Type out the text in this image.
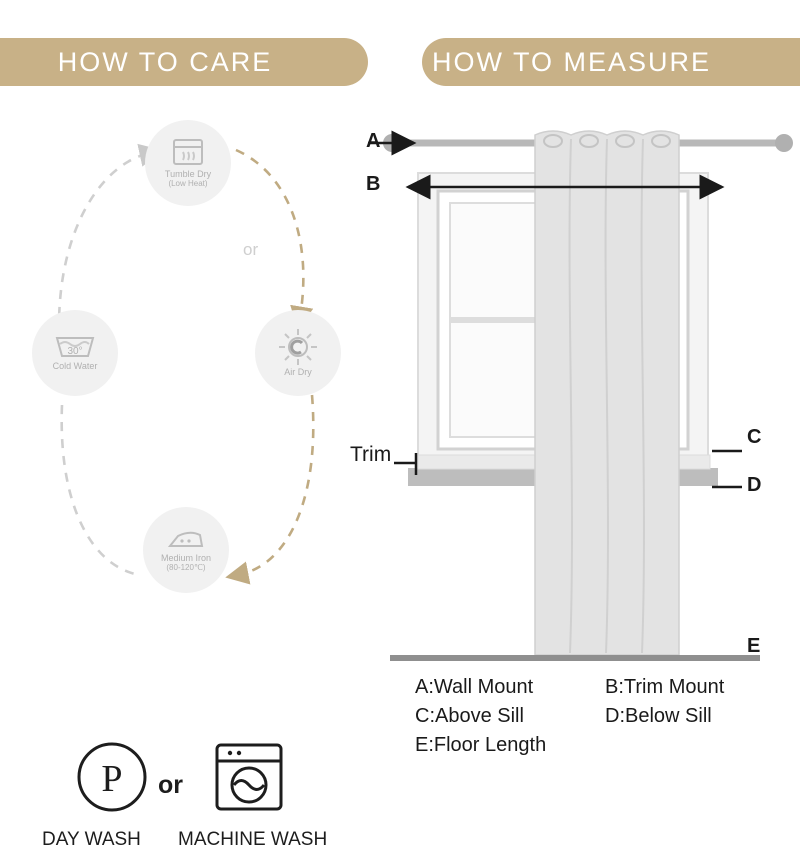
HOW TO CARE	HOW TO MEASURE
or
Tumble Dry
(Low Heat)
30°
Cold Water
Air Dry
Medium Iron
(80-120℃)
P or
DAY WASH MACHINE WASH
A
B
C
D
E
Trim
A:Wall Mount	B:Trim Mount
C:Above Sill	D:Below Sill
E:Floor Length
